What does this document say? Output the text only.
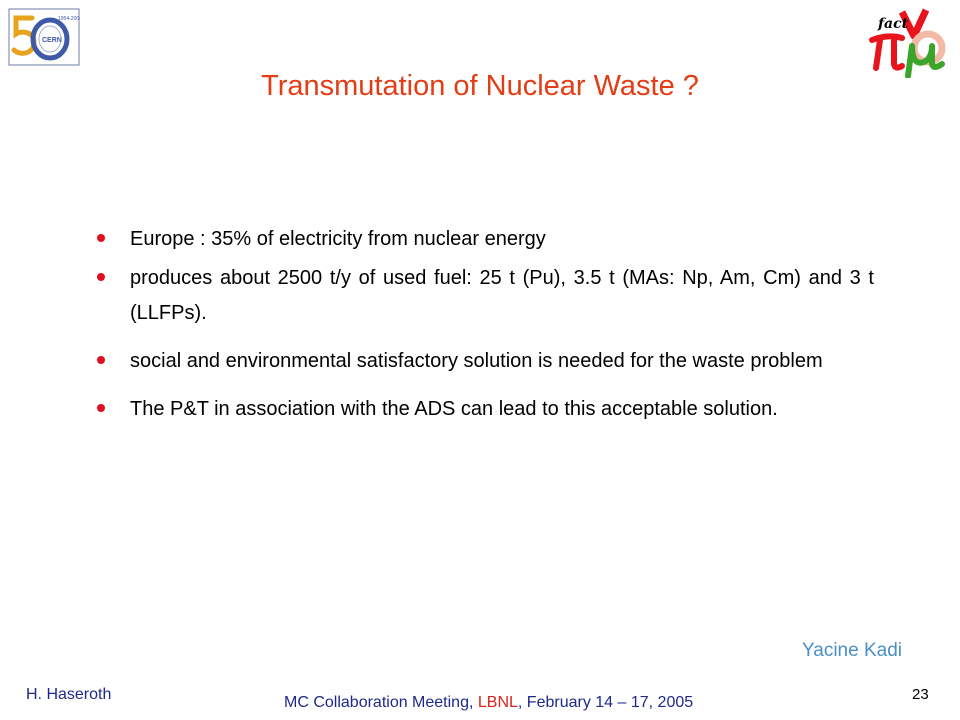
1954-2004
CERN
fact
Transmutation of Nuclear Waste ?
Europe : 35% of electricity from nuclear energy
produces about 2500 t/y of used fuel: 25 t (Pu), 3.5 t (MAs: Np, Am, Cm) and 3 t (LLFPs).
social and environmental satisfactory solution is needed for the waste problem
The P&T in association with the ADS can lead to this acceptable solution.
Yacine Kadi
H. Haseroth	MC Collaboration Meeting, LBNL, February 14 – 17, 2005	23
